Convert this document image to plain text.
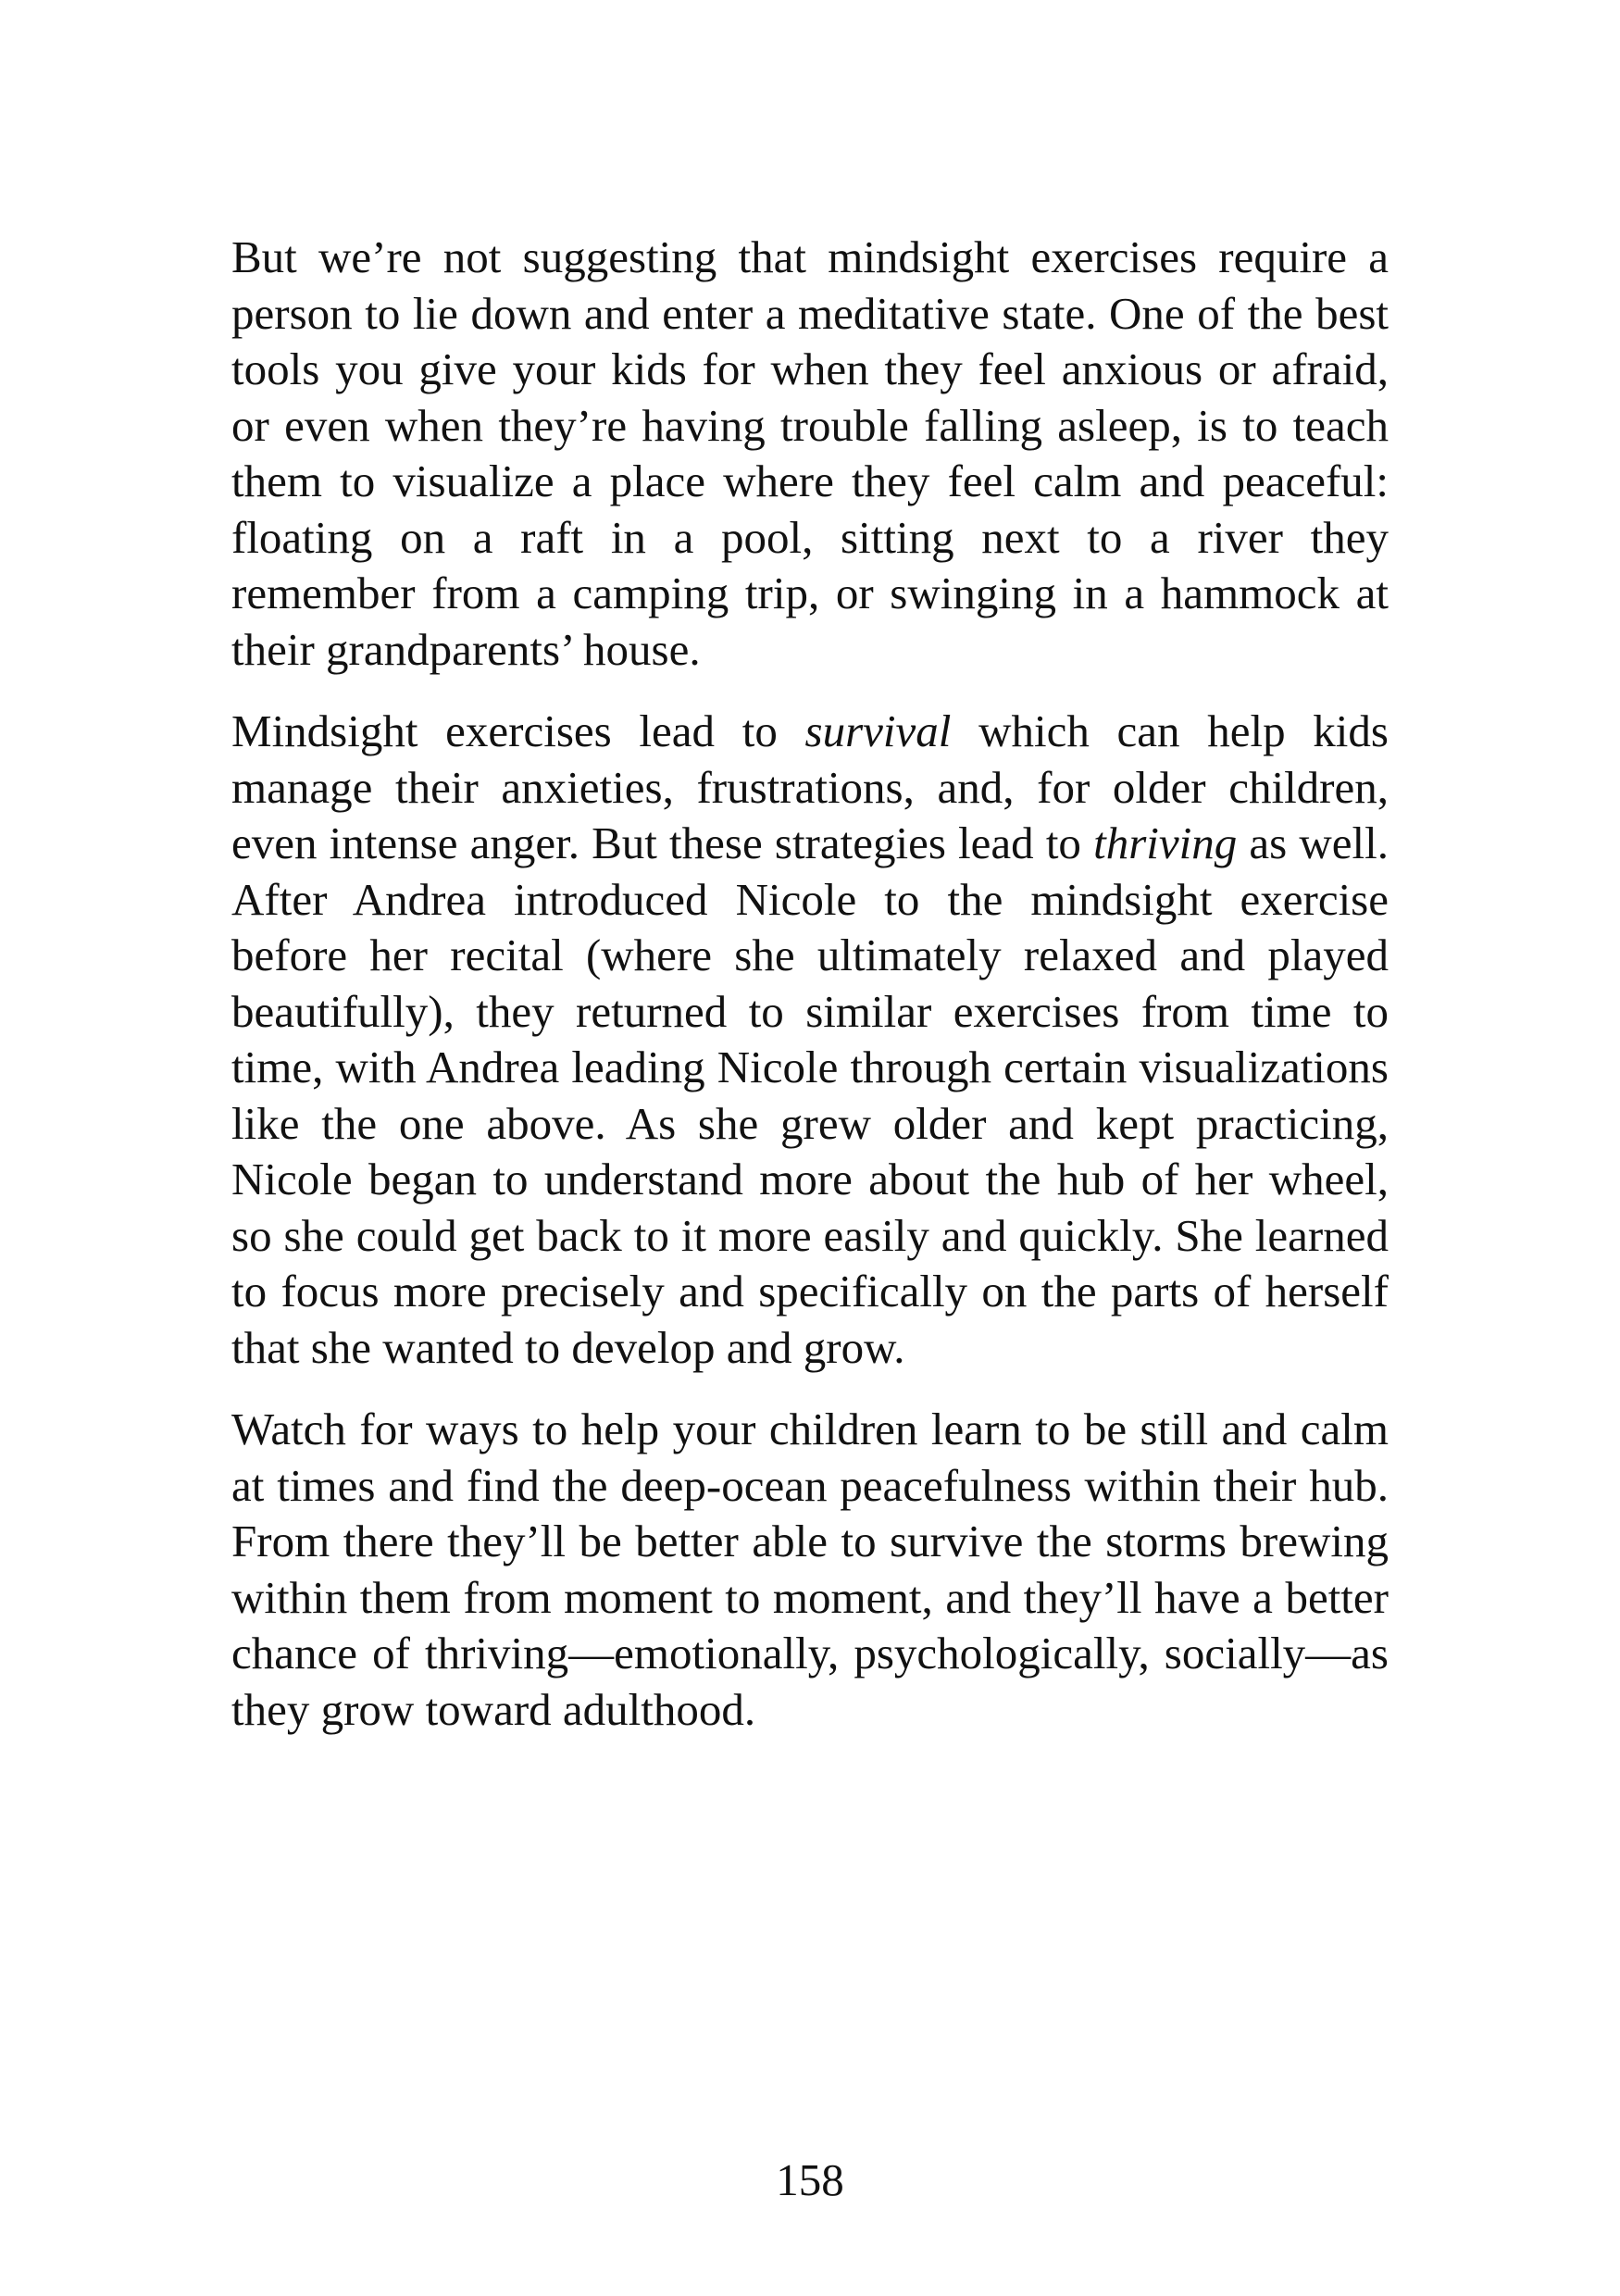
But we’re not suggesting that mindsight exercises require a person to lie down and enter a meditative state. One of the best tools you give your kids for when they feel anxious or afraid, or even when they’re having trouble falling asleep, is to teach them to visualize a place where they feel calm and peaceful: floating on a raft in a pool, sitting next to a river they remember from a camping trip, or swinging in a hammock at their grandparents’ house.

Mindsight exercises lead to survival which can help kids manage their anxieties, frustrations, and, for older children, even intense anger. But these strategies lead to thriving as well. After Andrea introduced Nicole to the mindsight exercise before her recital (where she ultimately relaxed and played beautifully), they returned to similar exercises from time to time, with Andrea leading Nicole through certain visualizations like the one above. As she grew older and kept practicing, Nicole began to understand more about the hub of her wheel, so she could get back to it more easily and quickly. She learned to focus more precisely and specifically on the parts of herself that she wanted to develop and grow.

Watch for ways to help your children learn to be still and calm at times and find the deep-ocean peacefulness within their hub. From there they’ll be better able to survive the storms brewing within them from moment to moment, and they’ll have a better chance of thriving—emotionally, psychologically, socially—as they grow toward adulthood.

158
